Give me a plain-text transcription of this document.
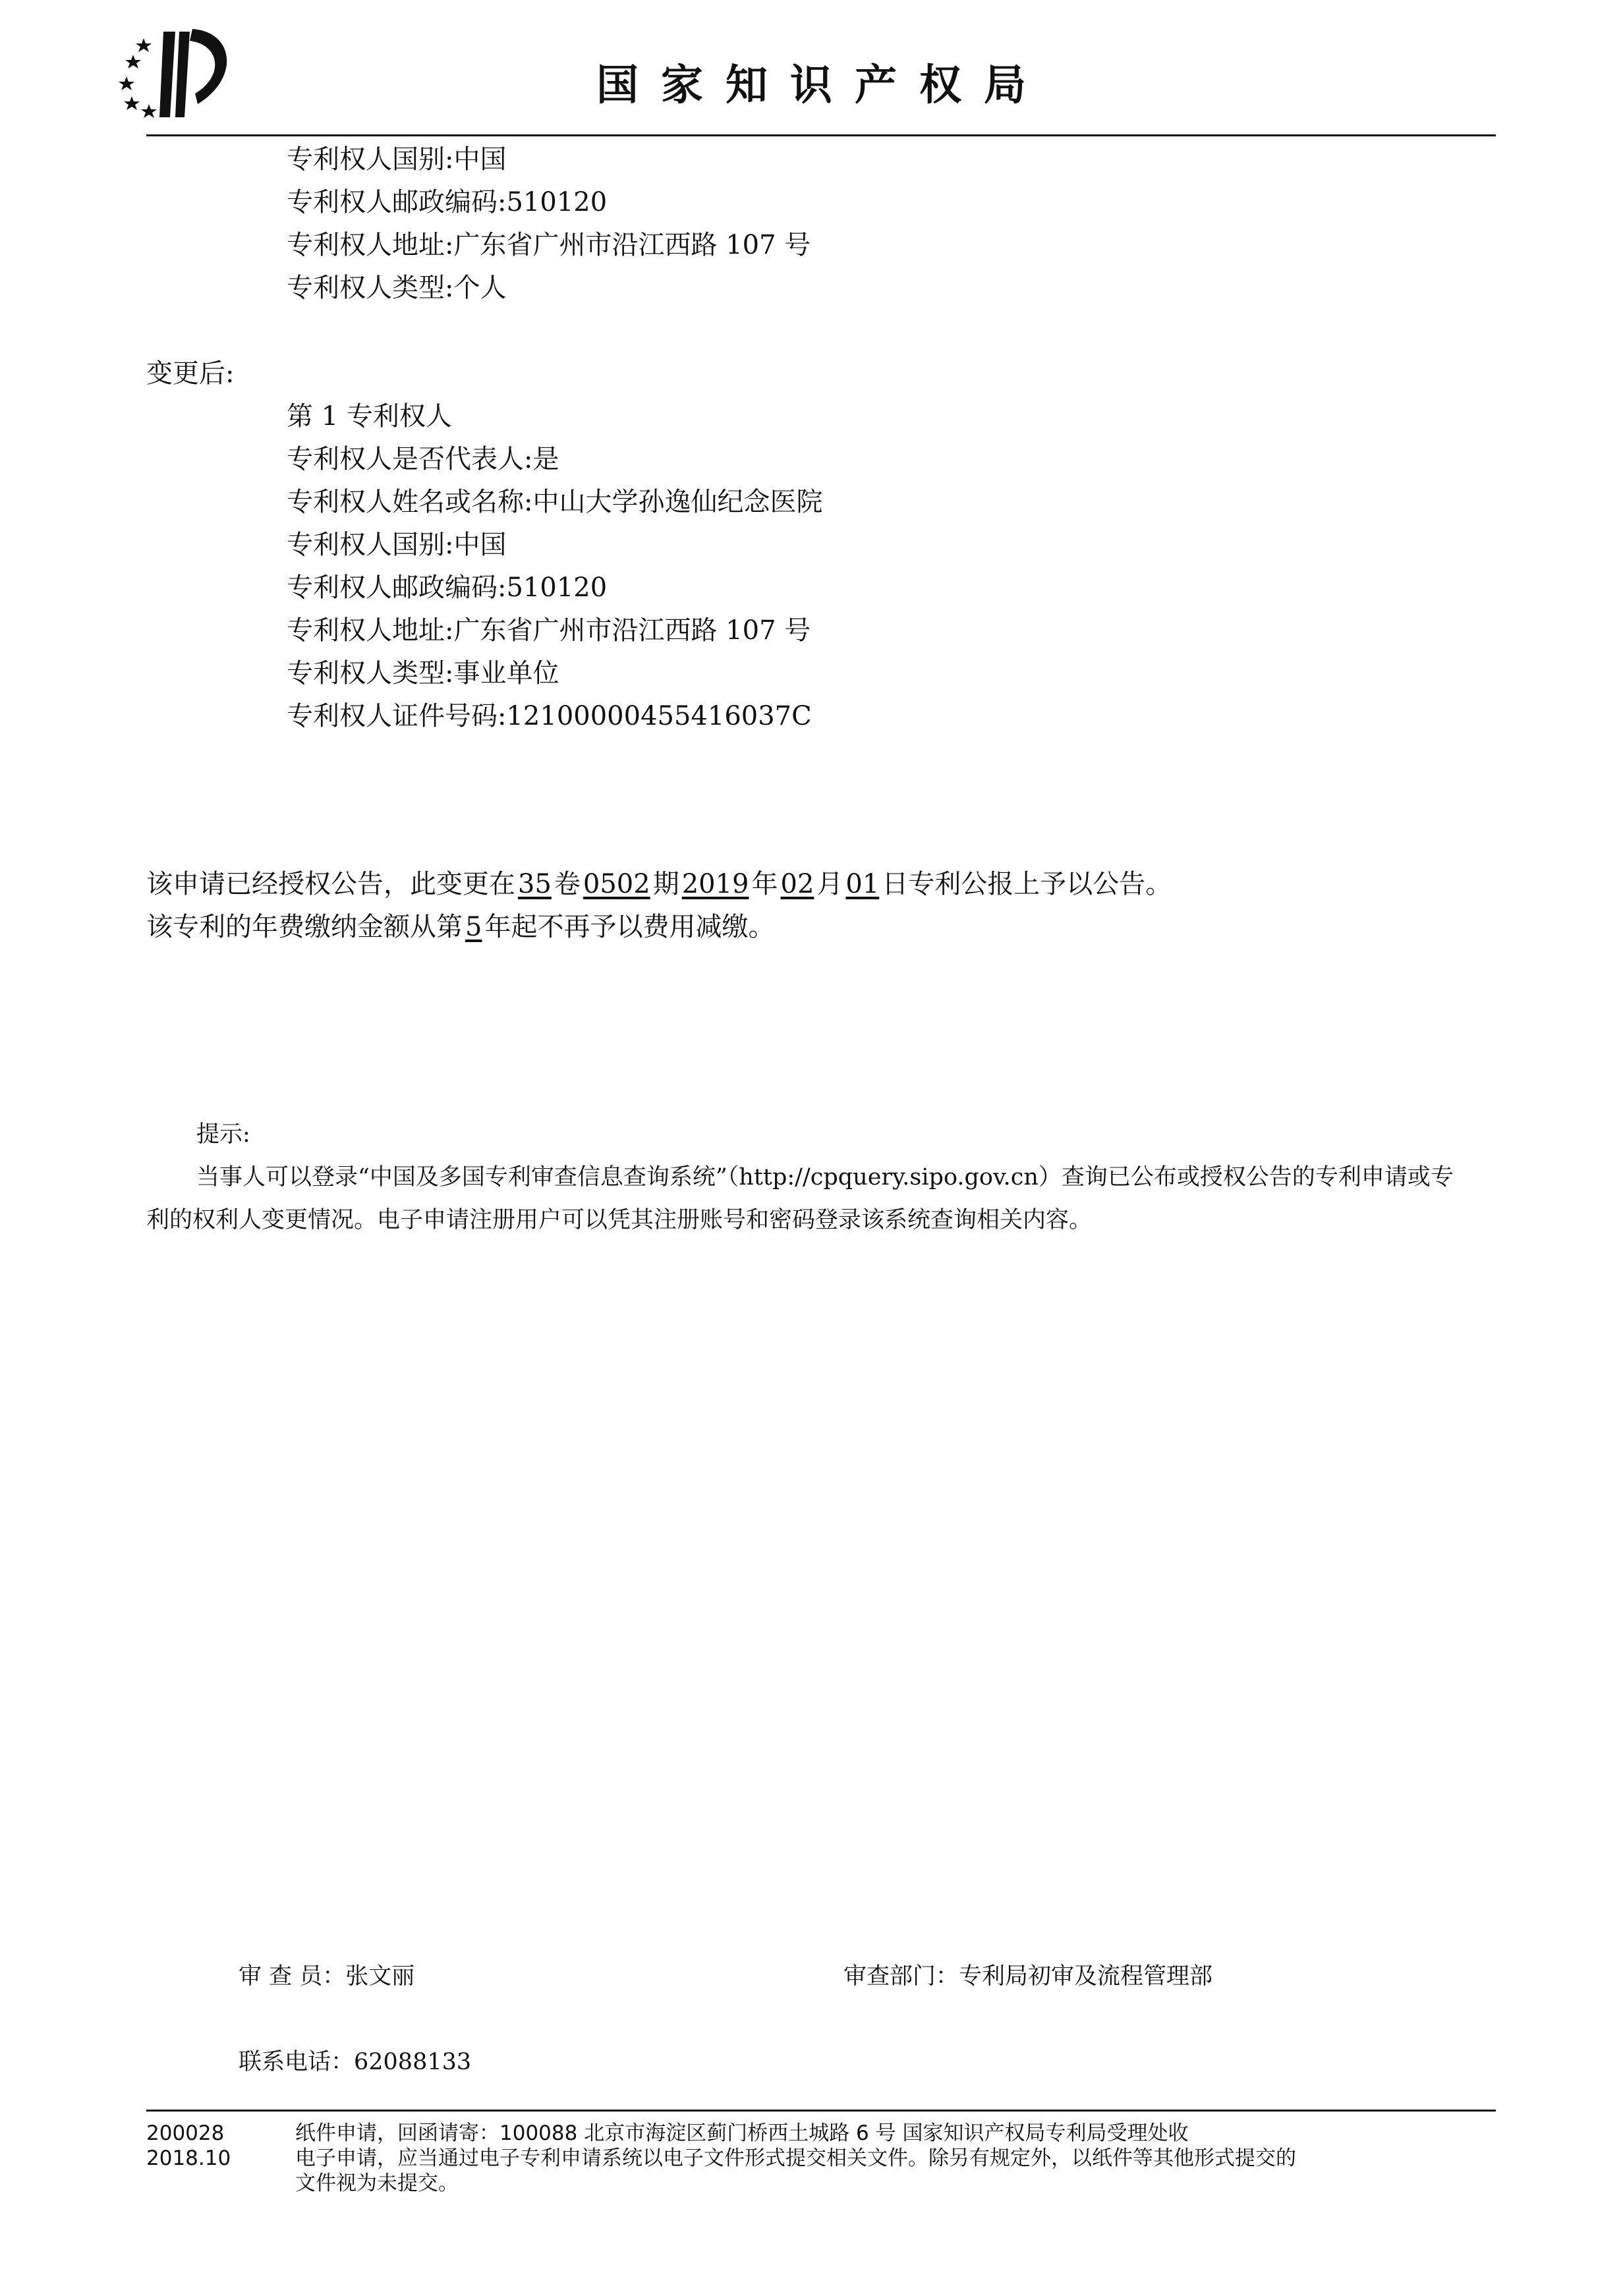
国家知识产权局
专利权人国别:中国
专利权人邮政编码:510120
专利权人地址:广东省广州市沿江西路 107 号
专利权人类型:个人
变更后:
第 1 专利权人
专利权人是否代表人:是
专利权人姓名或名称:中山大学孙逸仙纪念医院
专利权人国别:中国
专利权人邮政编码:510120
专利权人地址:广东省广州市沿江西路 107 号
专利权人类型:事业单位
专利权人证件号码:12100000455416037C
该申请已经授权公告，此变更在 35 卷 0502 期 2019 年 02 月 01 日专利公报上予以公告。
该专利的年费缴纳金额从第 5 年起不再予以费用减缴。
提示:
当事人可以登录“中国及多国专利审查信息查询系统”（http://cpquery.sipo.gov.cn）查询已公布或授权公告的专利申请或专
利的权利人变更情况。电子申请注册用户可以凭其注册账号和密码登录该系统查询相关内容。
审 查 员：张文丽	审查部门：专利局初审及流程管理部
联系电话：62088133
200028
2018.10
纸件申请，回函请寄：100088 北京市海淀区蓟门桥西土城路 6 号 国家知识产权局专利局受理处收
电子申请，应当通过电子专利申请系统以电子文件形式提交相关文件。除另有规定外，以纸件等其他形式提交的
文件视为未提交。
